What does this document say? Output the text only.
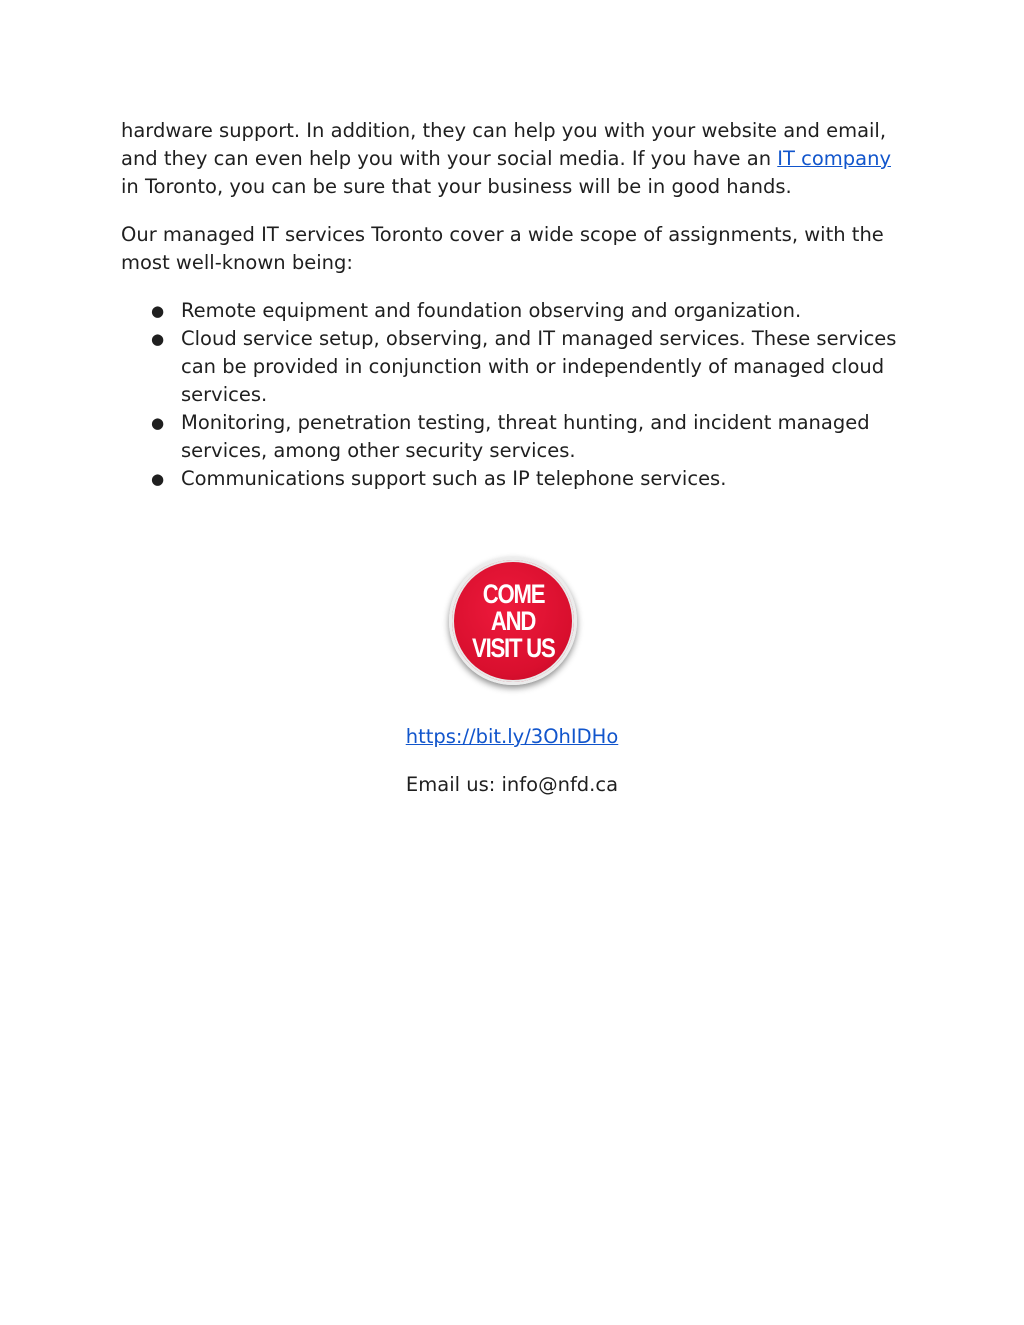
hardware support. In addition, they can help you with your website and email, and they can even help you with your social media. If you have an IT company in Toronto, you can be sure that your business will be in good hands.

Our managed IT services Toronto cover a wide scope of assignments, with the most well-known being:

● Remote equipment and foundation observing and organization.
● Cloud service setup, observing, and IT managed services. These services can be provided in conjunction with or independently of managed cloud services.
● Monitoring, penetration testing, threat hunting, and incident managed services, among other security services.
● Communications support such as IP telephone services.
COME
AND
VISIT US
https://bit.ly/3OhIDHo
Email us: info@nfd.ca
